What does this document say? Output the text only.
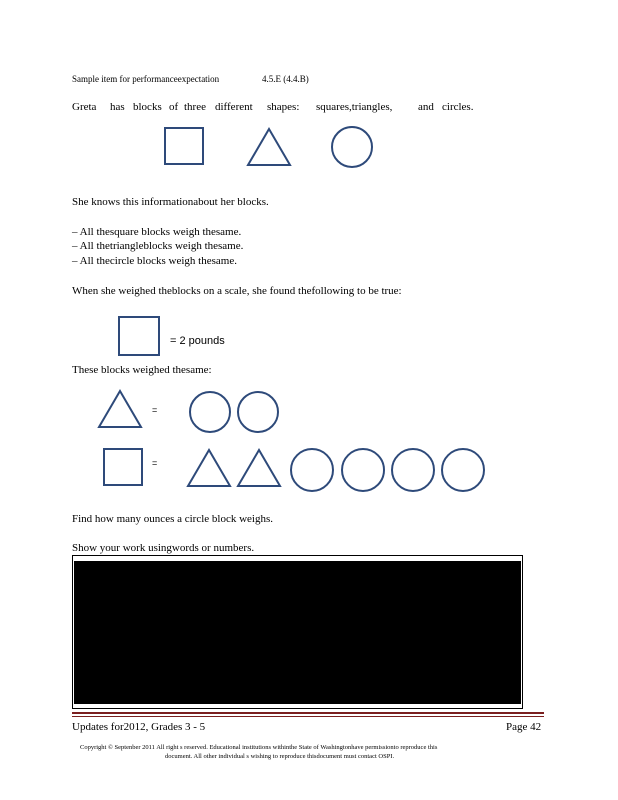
Sample item for performanceexpectation	4.5.E (4.4.B)
Greta has blocks of three different shapes: squares,triangles, and circles.
She knows this informationabout her blocks.
– All thesquare blocks weigh thesame.
– All thetriangleblocks weigh thesame.
– All thecircle blocks weigh thesame.
When she weighed theblocks on a scale, she found thefollowing to be true:
= 2 pounds
These blocks weighed thesame:
=
=
Find how many ounces a circle block weighs.
Show your work usingwords or numbers.
Updates for2012, Grades 3 - 5	Page 42
Copyright © Septenber 2011 All right s reserved. Educational institutions withinthe State of Washingtonhave permissionto reproduce this
document. All other individual s wishing to reproduce thisdocument must contact OSPI.
